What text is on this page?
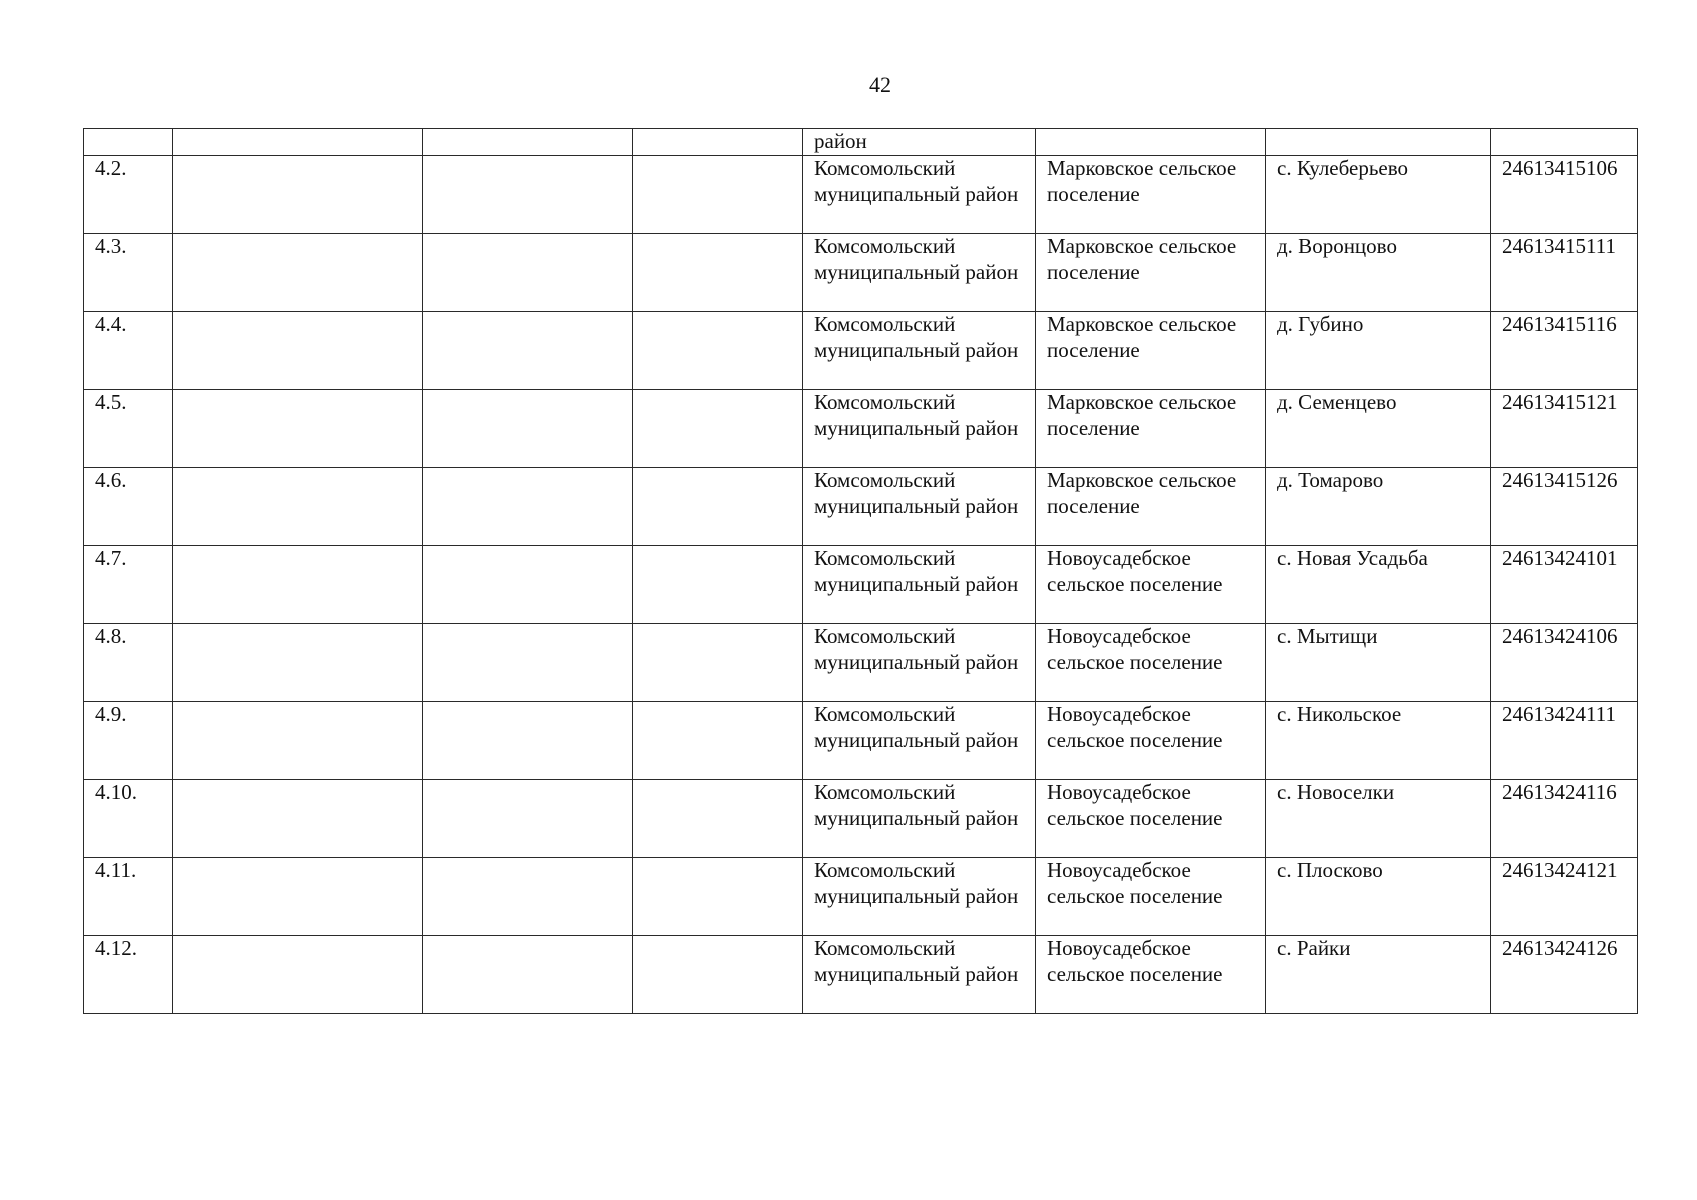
42
				район			
4.2.				Комсомольский муниципальный район	Марковское сельское поселение	с. Кулеберьево	24613415106
4.3.				Комсомольский муниципальный район	Марковское сельское поселение	д. Воронцово	24613415111
4.4.				Комсомольский муниципальный район	Марковское сельское поселение	д. Губино	24613415116
4.5.				Комсомольский муниципальный район	Марковское сельское поселение	д. Семенцево	24613415121
4.6.				Комсомольский муниципальный район	Марковское сельское поселение	д. Томарово	24613415126
4.7.				Комсомольский муниципальный район	Новоусадебское сельское поселение	с. Новая Усадьба	24613424101
4.8.				Комсомольский муниципальный район	Новоусадебское сельское поселение	с. Мытищи	24613424106
4.9.				Комсомольский муниципальный район	Новоусадебское сельское поселение	с. Никольское	24613424111
4.10.				Комсомольский муниципальный район	Новоусадебское сельское поселение	с. Новоселки	24613424116
4.11.				Комсомольский муниципальный район	Новоусадебское сельское поселение	с. Плосково	24613424121
4.12.				Комсомольский муниципальный район	Новоусадебское сельское поселение	с. Райки	24613424126
